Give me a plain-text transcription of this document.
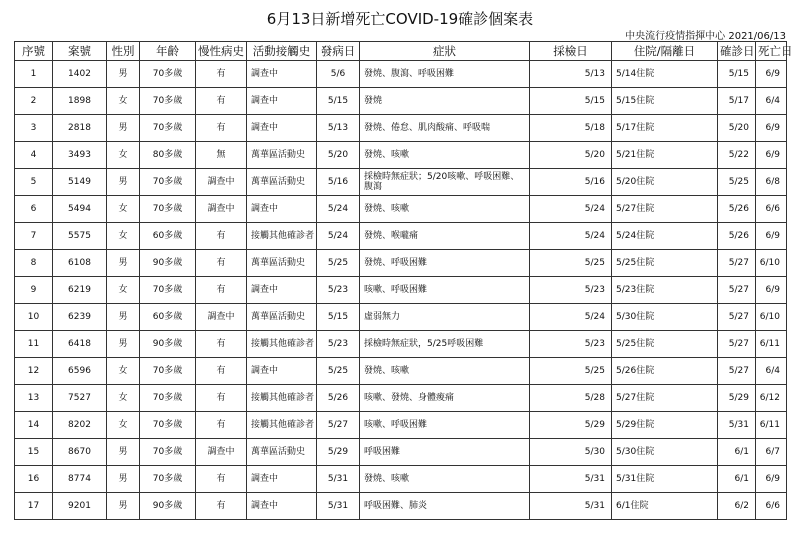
6月13日新增死亡COVID-19確診個案表
中央流行疫情指揮中心 2021/06/13
序號	案號	性別	年齡	慢性病史	活動接觸史	發病日	症狀	採檢日	住院/隔離日	確診日	死亡日
1	1402	男	70多歲	有	調查中	5/6	發燒、腹瀉、呼吸困難	5/13	5/14住院	5/15	6/9
2	1898	女	70多歲	有	調查中	5/15	發燒	5/15	5/15住院	5/17	6/4
3	2818	男	70多歲	有	調查中	5/13	發燒、倦怠、肌肉酸痛、呼吸喘	5/18	5/17住院	5/20	6/9
4	3493	女	80多歲	無	萬華區活動史	5/20	發燒、咳嗽	5/20	5/21住院	5/22	6/9
5	5149	男	70多歲	調查中	萬華區活動史	5/16	採檢時無症狀；5/20咳嗽、呼吸困難、腹瀉	5/16	5/20住院	5/25	6/8
6	5494	女	70多歲	調查中	調查中	5/24	發燒、咳嗽	5/24	5/27住院	5/26	6/6
7	5575	女	60多歲	有	接觸其他確診者	5/24	發燒、喉嚨痛	5/24	5/24住院	5/26	6/9
8	6108	男	90多歲	有	萬華區活動史	5/25	發燒、呼吸困難	5/25	5/25住院	5/27	6/10
9	6219	女	70多歲	有	調查中	5/23	咳嗽、呼吸困難	5/23	5/23住院	5/27	6/9
10	6239	男	60多歲	調查中	萬華區活動史	5/15	虛弱無力	5/24	5/30住院	5/27	6/10
11	6418	男	90多歲	有	接觸其他確診者	5/23	採檢時無症狀，5/25呼吸困難	5/23	5/25住院	5/27	6/11
12	6596	女	70多歲	有	調查中	5/25	發燒、咳嗽	5/25	5/26住院	5/27	6/4
13	7527	女	70多歲	有	接觸其他確診者	5/26	咳嗽、發燒、身體痠痛	5/28	5/27住院	5/29	6/12
14	8202	女	70多歲	有	接觸其他確診者	5/27	咳嗽、呼吸困難	5/29	5/29住院	5/31	6/11
15	8670	男	70多歲	調查中	萬華區活動史	5/29	呼吸困難	5/30	5/30住院	6/1	6/7
16	8774	男	70多歲	有	調查中	5/31	發燒、咳嗽	5/31	5/31住院	6/1	6/9
17	9201	男	90多歲	有	調查中	5/31	呼吸困難、肺炎	5/31	6/1住院	6/2	6/6
